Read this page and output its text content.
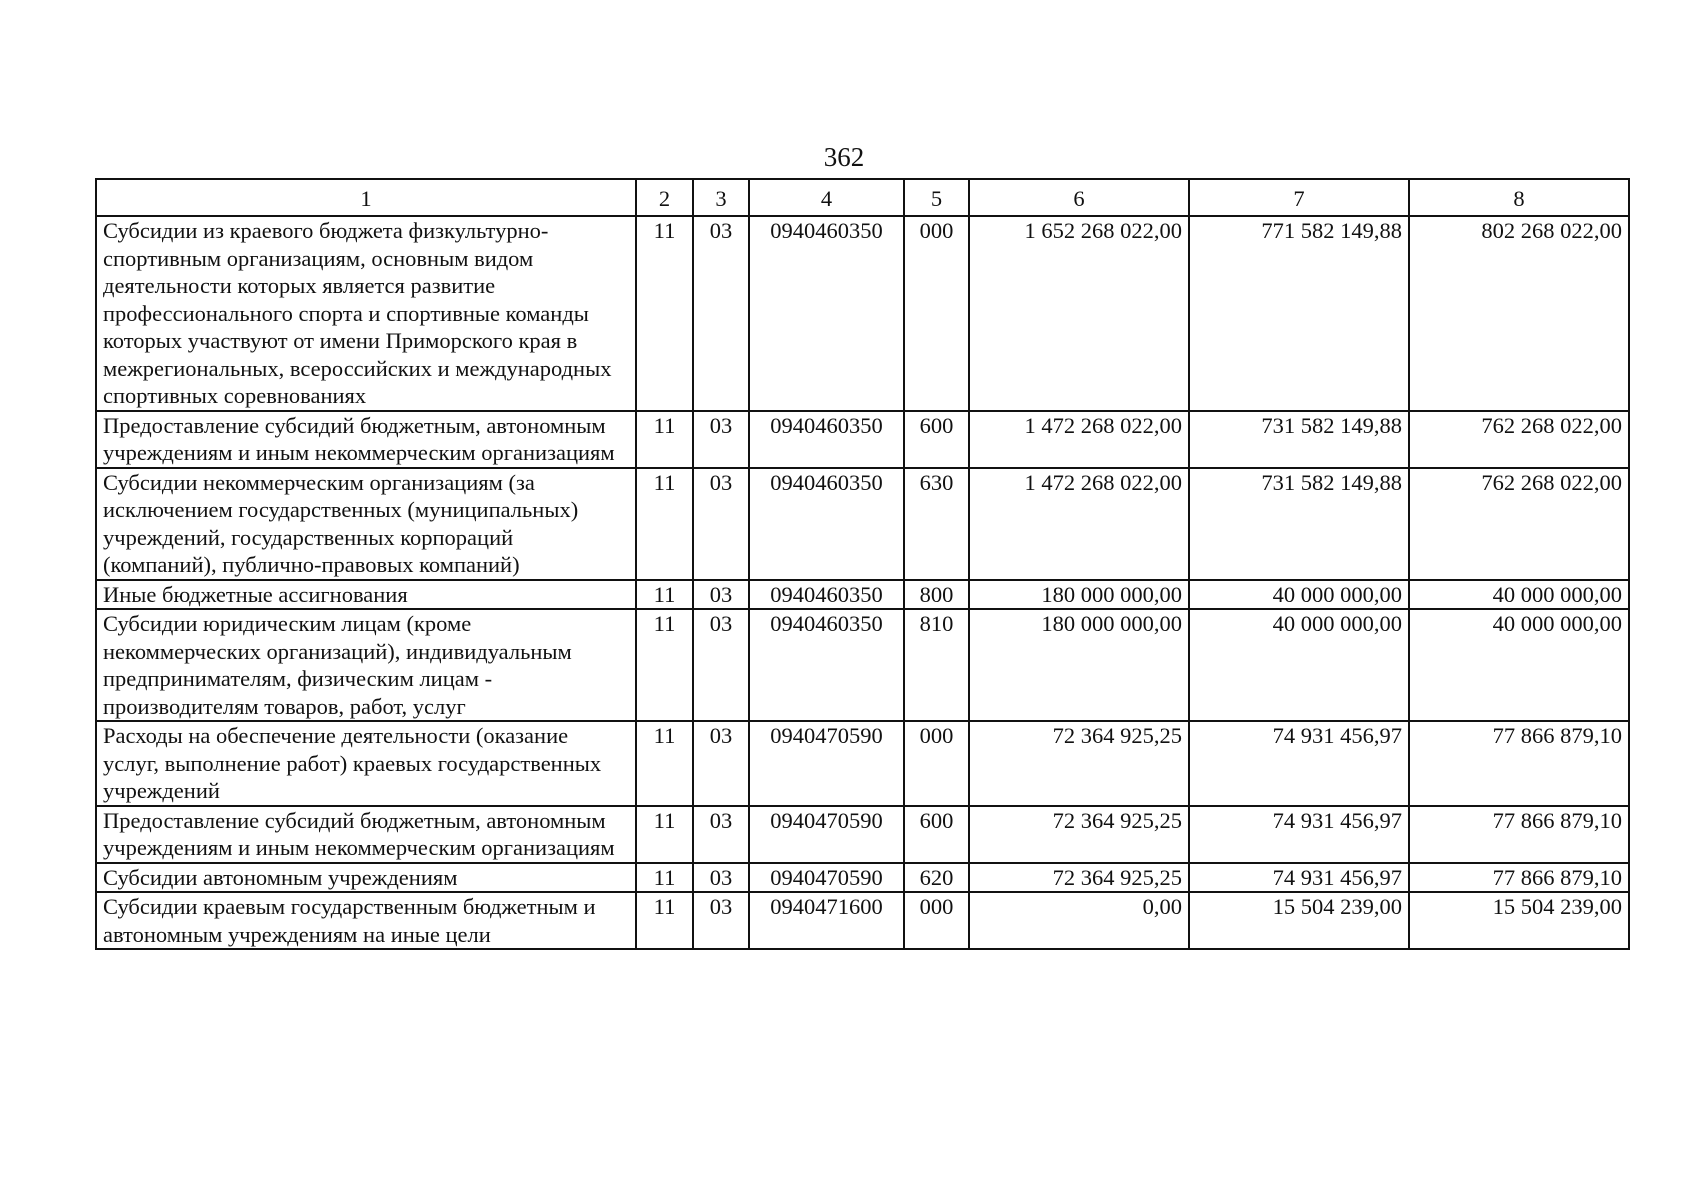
362
1	2	3	4	5	6	7	8
Субсидии из краевого бюджета физкультурно-спортивным организациям, основным видом деятельности которых является развитие профессионального спорта и спортивные команды которых участвуют от имени Приморского края в межрегиональных, всероссийских и международных спортивных соревнованиях	11	03	0940460350	000	1 652 268 022,00	771 582 149,88	802 268 022,00
Предоставление субсидий бюджетным, автономным учреждениям и иным некоммерческим организациям	11	03	0940460350	600	1 472 268 022,00	731 582 149,88	762 268 022,00
Субсидии некоммерческим организациям (за исключением государственных (муниципальных) учреждений, государственных корпораций (компаний), публично-правовых компаний)	11	03	0940460350	630	1 472 268 022,00	731 582 149,88	762 268 022,00
Иные бюджетные ассигнования	11	03	0940460350	800	180 000 000,00	40 000 000,00	40 000 000,00
Субсидии юридическим лицам (кроме некоммерческих организаций), индивидуальным предпринимателям, физическим лицам - производителям товаров, работ, услуг	11	03	0940460350	810	180 000 000,00	40 000 000,00	40 000 000,00
Расходы на обеспечение деятельности (оказание услуг, выполнение работ) краевых государственных учреждений	11	03	0940470590	000	72 364 925,25	74 931 456,97	77 866 879,10
Предоставление субсидий бюджетным, автономным учреждениям и иным некоммерческим организациям	11	03	0940470590	600	72 364 925,25	74 931 456,97	77 866 879,10
Субсидии автономным учреждениям	11	03	0940470590	620	72 364 925,25	74 931 456,97	77 866 879,10
Субсидии краевым государственным бюджетным и автономным учреждениям на иные цели	11	03	0940471600	000	0,00	15 504 239,00	15 504 239,00
